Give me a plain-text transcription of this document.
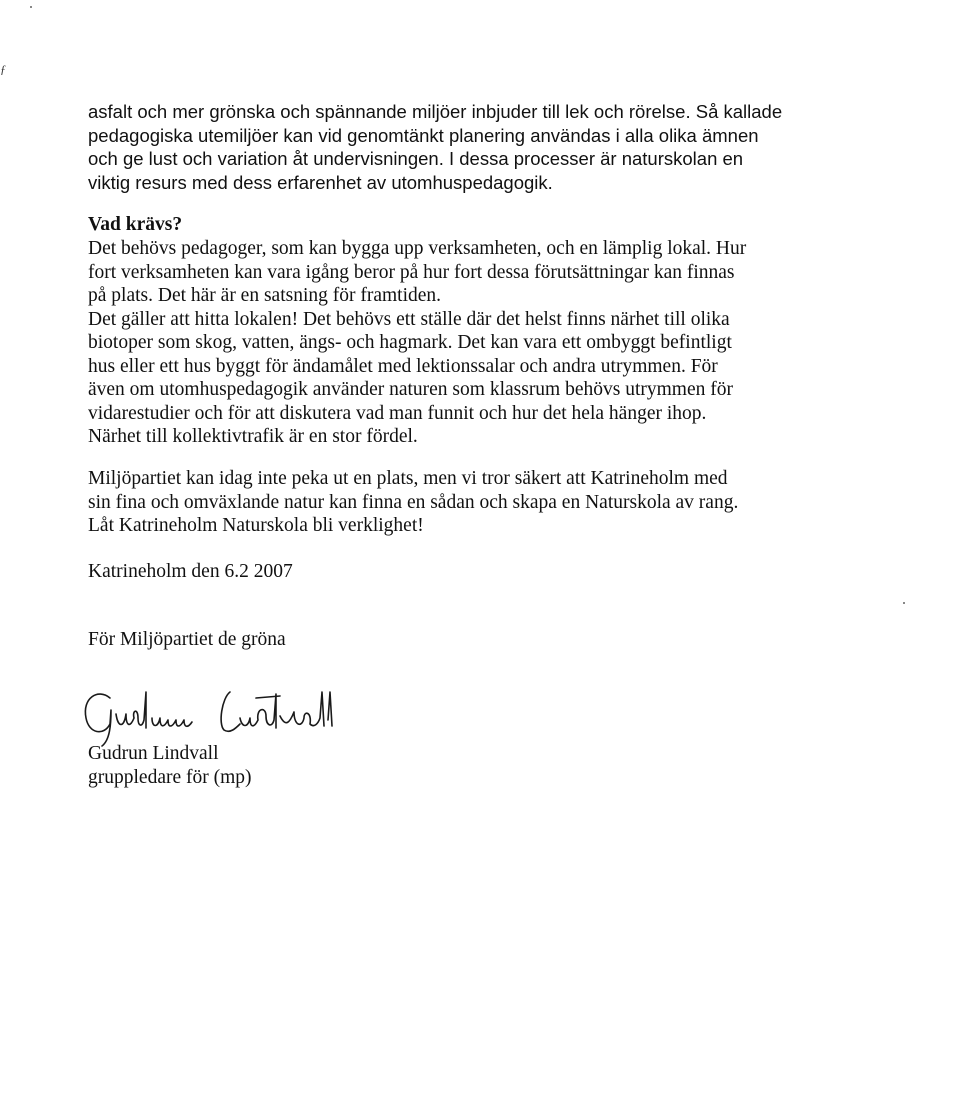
ƒ
asfalt och mer grönska och spännande miljöer inbjuder till lek och rörelse. Så kallade
pedagogiska utemiljöer kan vid genomtänkt planering användas i alla olika ämnen
och ge lust och variation åt undervisningen. I dessa processer är naturskolan en
viktig resurs med dess erfarenhet av utomhuspedagogik.
Vad krävs?
Det behövs pedagoger, som kan bygga upp verksamheten, och en lämplig lokal. Hur
fort verksamheten kan vara igång beror på hur fort dessa förutsättningar kan finnas
på plats. Det här är en satsning för framtiden.
Det gäller att hitta lokalen! Det behövs ett ställe där det helst finns närhet till olika
biotoper som skog, vatten, ängs- och hagmark. Det kan vara ett ombyggt befintligt
hus eller ett hus byggt för ändamålet med lektionssalar och andra utrymmen. För
även om utomhuspedagogik använder naturen som klassrum behövs utrymmen för
vidarestudier och för att diskutera vad man funnit och hur det hela hänger ihop.
Närhet till kollektivtrafik är en stor fördel.
Miljöpartiet kan idag inte peka ut en plats, men vi tror säkert att Katrineholm med
sin fina och omväxlande natur kan finna en sådan och skapa en Naturskola av rang.
Låt Katrineholm Naturskola bli verklighet!
Katrineholm den 6.2 2007
För Miljöpartiet de gröna
Gudrun Lindvall
gruppledare för (mp)
